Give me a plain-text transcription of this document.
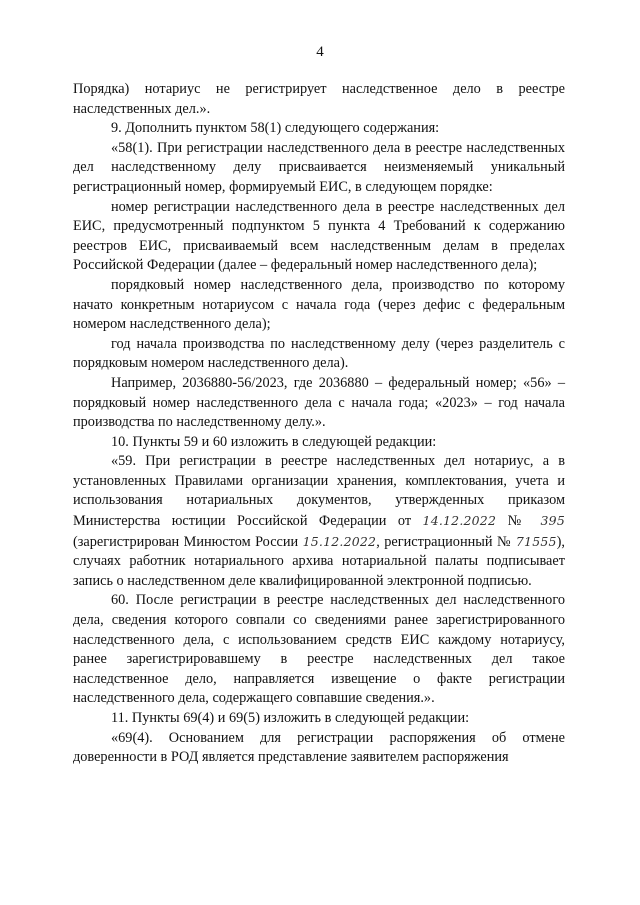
4

Порядка) нотариус не регистрирует наследственное дело в реестре наследственных дел.».

9. Дополнить пунктом 58(1) следующего содержания:

«58(1). При регистрации наследственного дела в реестре наследственных дел наследственному делу присваивается неизменяемый уникальный регистрационный номер, формируемый ЕИС, в следующем порядке:

номер регистрации наследственного дела в реестре наследственных дел ЕИС, предусмотренный подпунктом 5 пункта 4 Требований к содержанию реестров ЕИС, присваиваемый всем наследственным делам в пределах Российской Федерации (далее – федеральный номер наследственного дела);

порядковый номер наследственного дела, производство по которому начато конкретным нотариусом с начала года (через дефис с федеральным номером наследственного дела);

год начала производства по наследственному делу (через разделитель с порядковым номером наследственного дела).

Например, 2036880-56/2023, где 2036880 – федеральный номер; «56» – порядковый номер наследственного дела с начала года; «2023» – год начала производства по наследственному делу.».

10. Пункты 59 и 60 изложить в следующей редакции:

«59. При регистрации в реестре наследственных дел нотариус, а в установленных Правилами организации хранения, комплектования, учета и использования нотариальных документов, утвержденных приказом Министерства юстиции Российской Федерации от 14.12.2022 № 395 (зарегистрирован Минюстом России 15.12.2022, регистрационный № 71555), случаях работник нотариального архива нотариальной палаты подписывает запись о наследственном деле квалифицированной электронной подписью.

60. После регистрации в реестре наследственных дел наследственного дела, сведения которого совпали со сведениями ранее зарегистрированного наследственного дела, с использованием средств ЕИС каждому нотариусу, ранее зарегистрировавшему в реестре наследственных дел такое наследственное дело, направляется извещение о факте регистрации наследственного дела, содержащего совпавшие сведения.».

11. Пункты 69(4) и 69(5) изложить в следующей редакции:

«69(4). Основанием для регистрации распоряжения об отмене доверенности в РОД является представление заявителем распоряжения
